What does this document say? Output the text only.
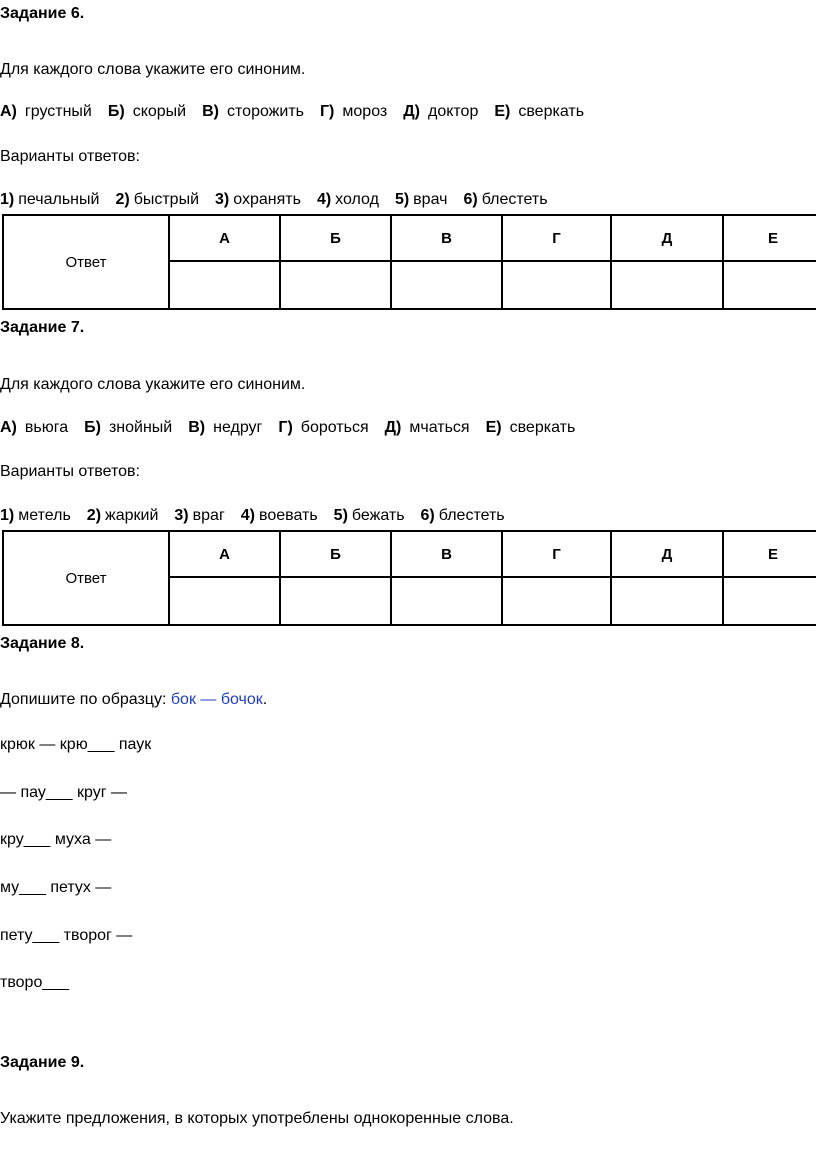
Задание 6.
Для каждого слова укажите его синоним.
А) грустный Б) скорый В) сторожить Г) мороз Д) доктор Е) сверкать
Варианты ответов:
1) печальный 2) быстрый 3) охранять 4) холод 5) врач 6) блестеть
Ответ	А	Б	В	Г	Д	Е

Задание 7.
Для каждого слова укажите его синоним.
А) вьюга Б) знойный В) недруг Г) бороться Д) мчаться Е) сверкать
Варианты ответов:
1) метель 2) жаркий 3) враг 4) воевать 5) бежать 6) блестеть
Ответ	А	Б	В	Г	Д	Е

Задание 8.
Допишите по образцу: бок — бочок.
крюк — крю___ паук
— пау___ круг —
кру___ муха —
му___ петух —
пету___ творог —
творо___
Задание 9.
Укажите предложения, в которых употреблены однокоренные слова.
